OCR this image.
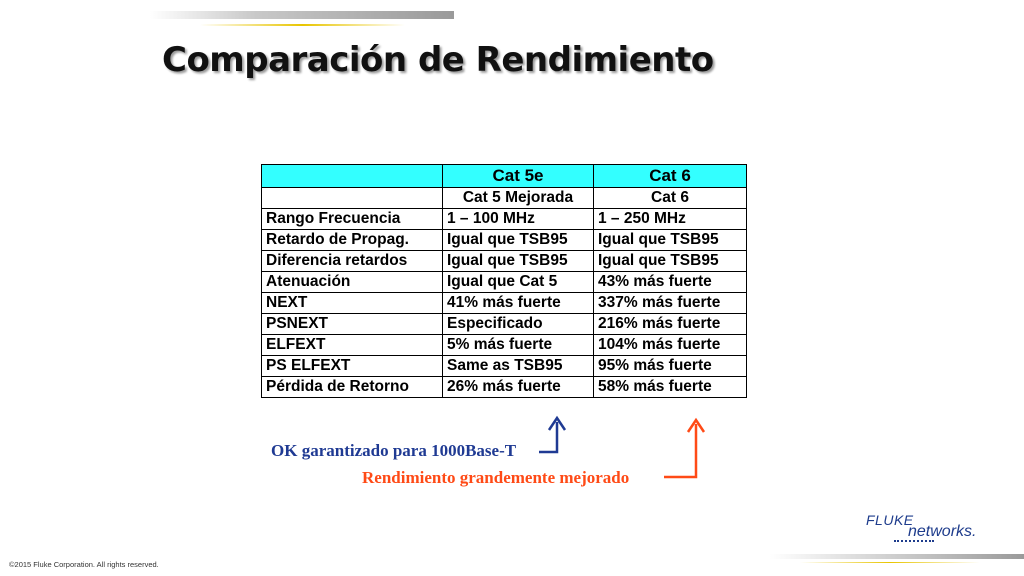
Comparación de Rendimiento
	Cat 5e	Cat 6
	Cat 5 Mejorada	Cat 6
Rango Frecuencia	1 – 100 MHz	1 – 250 MHz
Retardo de Propag.	Igual que TSB95	Igual que TSB95
Diferencia retardos	Igual que TSB95	Igual que TSB95
Atenuación	Igual que Cat 5	43% más fuerte
NEXT	41% más fuerte	337% más fuerte
PSNEXT	Especificado	216% más fuerte
ELFEXT	5% más fuerte	104% más fuerte
PS ELFEXT	Same as TSB95	95% más fuerte
Pérdida de Retorno	26% más fuerte	58% más fuerte
OK garantizado para 1000Base-T
Rendimiento grandemente mejorado
FLUKE
networks.
©2015 Fluke Corporation. All rights reserved.
